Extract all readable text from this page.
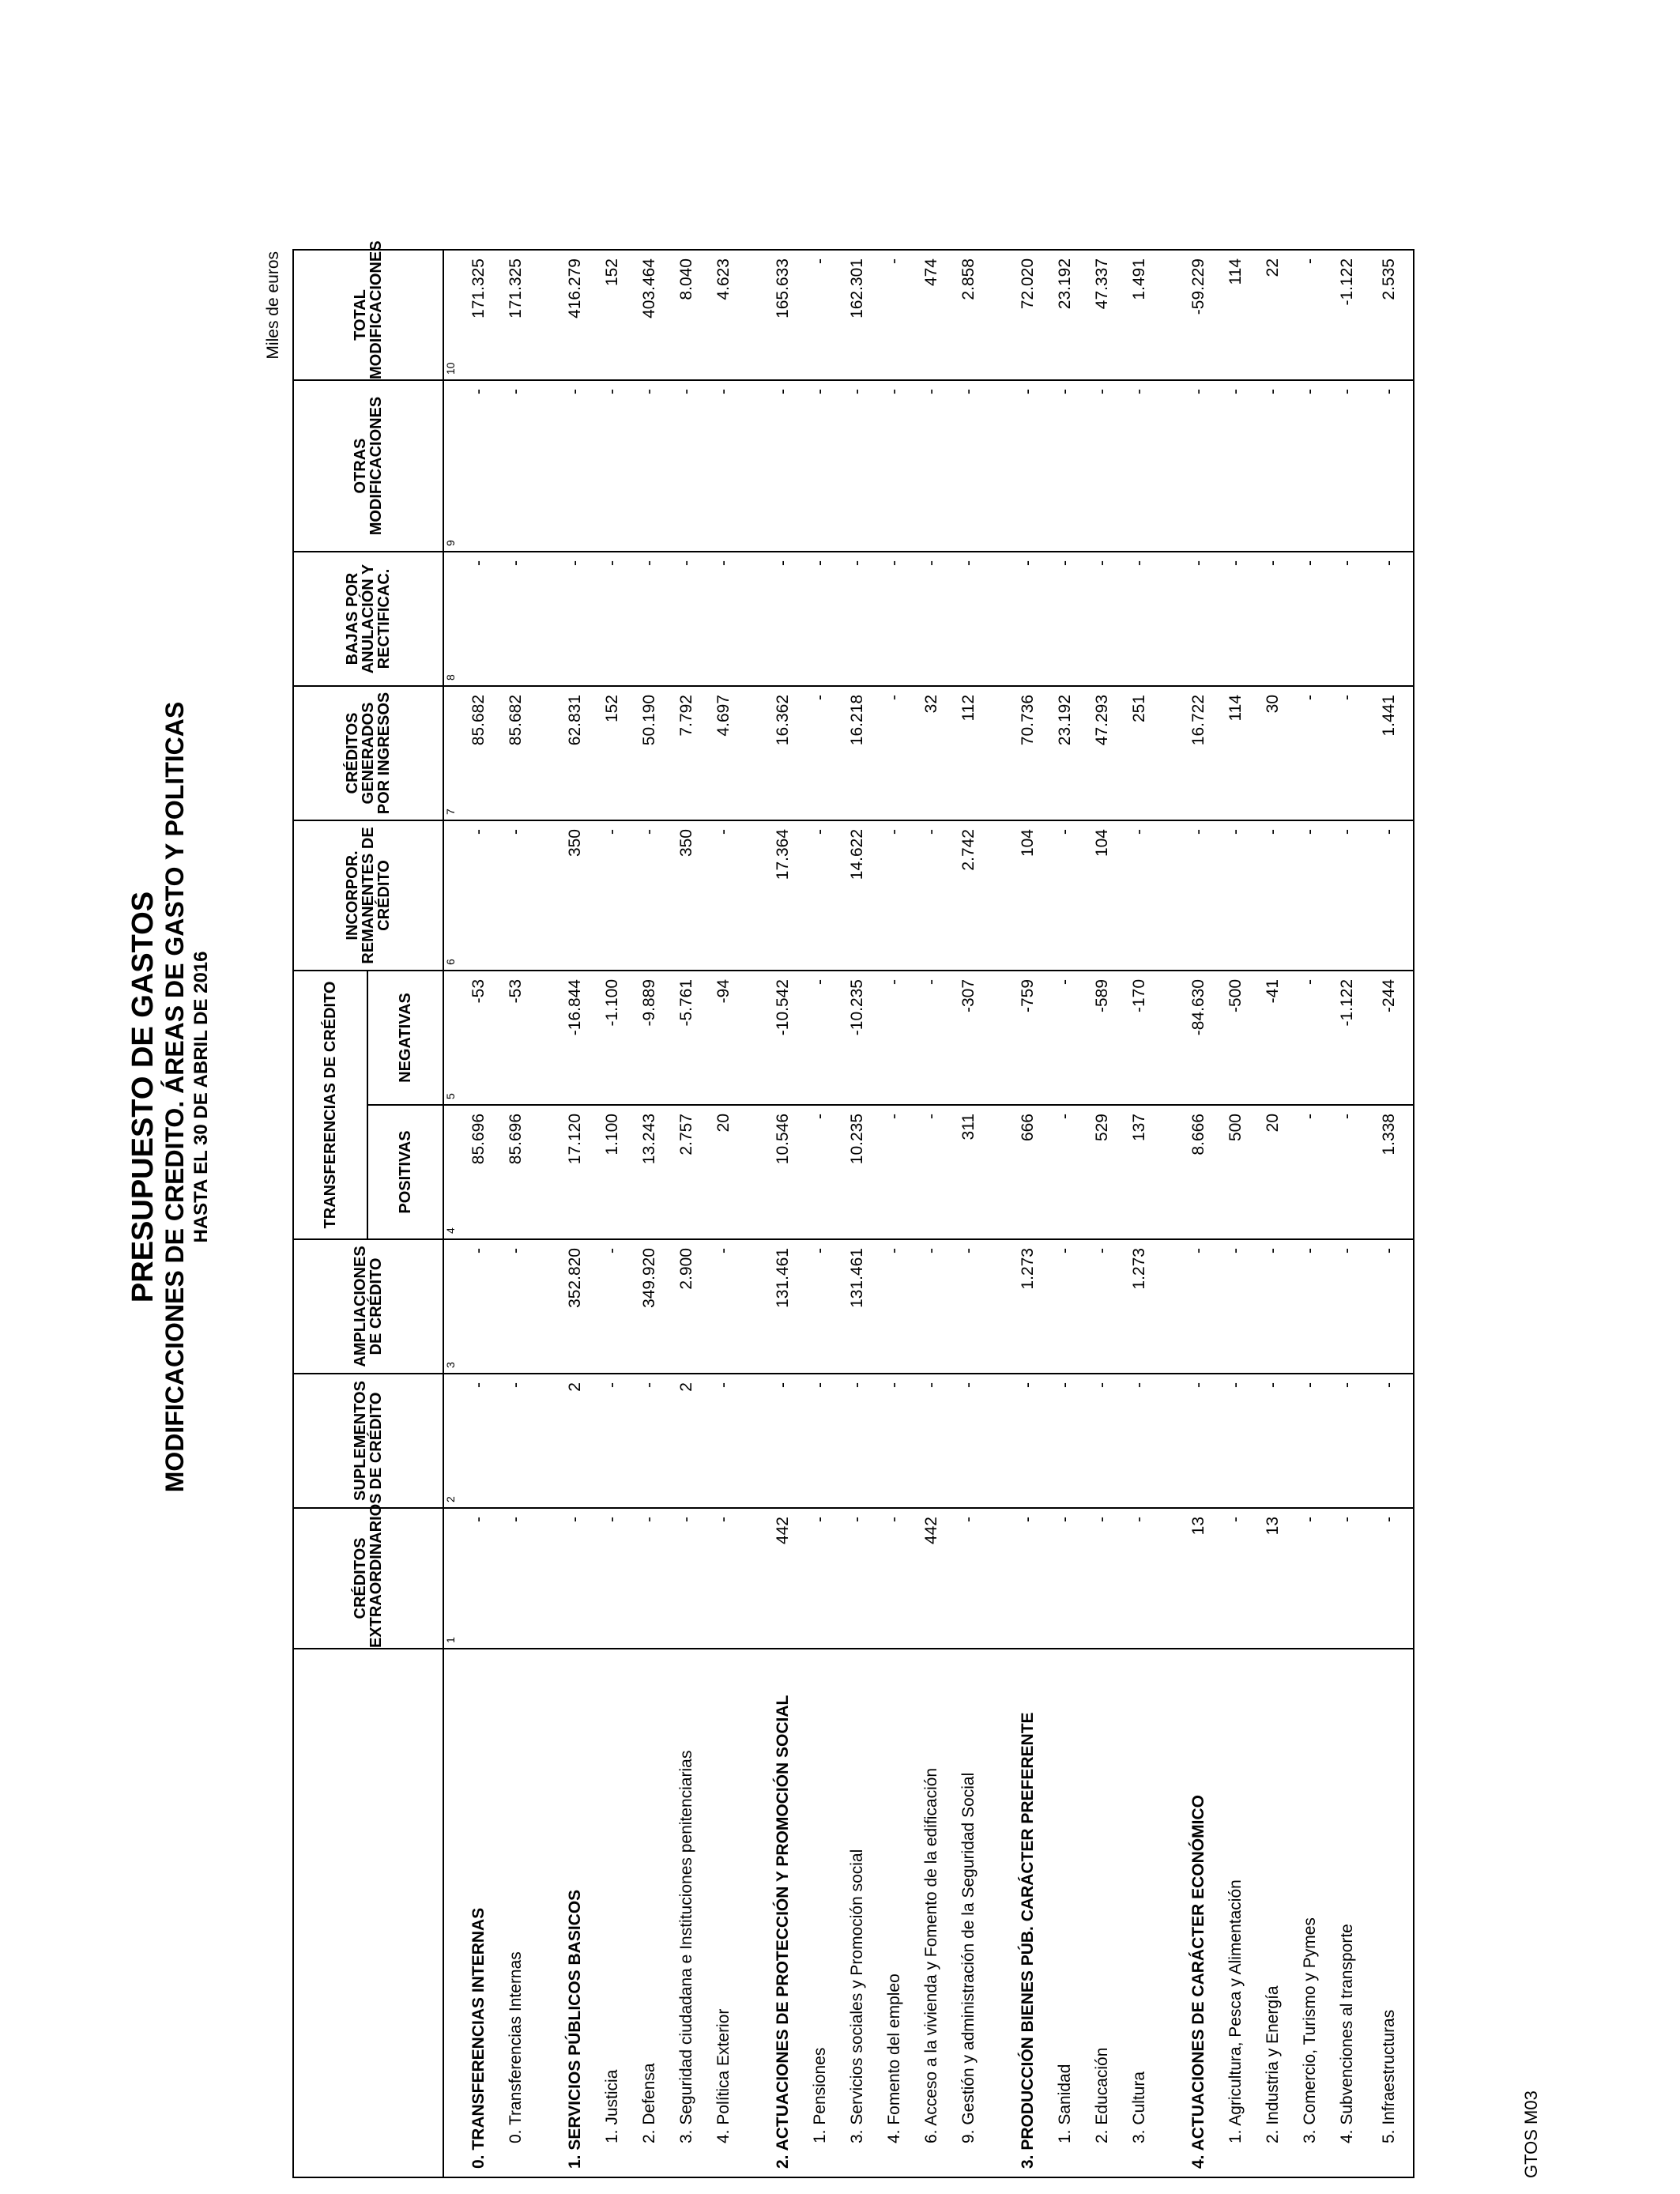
PRESUPUESTO DE GASTOS MODIFICACIONES DE CREDITO. ÁREAS DE GASTO Y POLITICAS HASTA EL 30 DE ABRIL DE 2016
Miles de euros
	CRÉDITOS EXTRAORDINARIOS	SUPLEMENTOS DE CRÉDITO	AMPLIACIONES DE CRÉDITO	TRANSFERENCIAS DE CRÉDITO		INCORPOR. REMANENTES DE CRÉDITO	CRÉDITOS GENERADOS POR INGRESOS	BAJAS POR ANULACIÓN Y RECTIFICAC.	OTRAS MODIFICACIONES	TOTAL MODIFICACIONES
				POSITIVAS	NEGATIVAS					
	1	2	3	4	5	6	7	8	9	10
0. TRANSFERENCIAS INTERNAS	-	-	-	85.696	-53	-	85.682	-	-	171.325
0. Transferencias Internas	-	-	-	85.696	-53	-	85.682	-	-	171.325

1. SERVICIOS PÚBLICOS BASICOS	-	2	352.820	17.120	-16.844	350	62.831	-	-	416.279
1. Justicia	-	-	-	1.100	-1.100	-	152	-	-	152
2. Defensa	-	-	349.920	13.243	-9.889	-	50.190	-	-	403.464
3. Seguridad ciudadana e Instituciones penitenciarias	-	2	2.900	2.757	-5.761	350	7.792	-	-	8.040
4. Política Exterior	-	-	-	20	-94	-	4.697	-	-	4.623

2. ACTUACIONES DE PROTECCIÓN Y PROMOCIÓN SOCIAL	442	-	131.461	10.546	-10.542	17.364	16.362	-	-	165.633
1. Pensiones	-	-	-	-	-	-	-	-	-	-
3. Servicios sociales y Promoción social	-	-	131.461	10.235	-10.235	14.622	16.218	-	-	162.301
4. Fomento del empleo	-	-	-	-	-	-	-	-	-	-
6. Acceso a la vivienda y Fomento de la edificación	442	-	-	-	-	-	32	-	-	474
9. Gestión y administración de la Seguridad Social	-	-	-	311	-307	2.742	112	-	-	2.858

3. PRODUCCIÓN BIENES PÚB. CARÁCTER PREFERENTE	-	-	1.273	666	-759	104	70.736	-	-	72.020
1. Sanidad	-	-	-	-	-	-	23.192	-	-	23.192
2. Educación	-	-	-	529	-589	104	47.293	-	-	47.337
3. Cultura	-	-	1.273	137	-170	-	251	-	-	1.491

4. ACTUACIONES DE CARÁCTER ECONÓMICO	13	-	-	8.666	-84.630	-	16.722	-	-	-59.229
1. Agricultura, Pesca y Alimentación	-	-	-	500	-500	-	114	-	-	114
2. Industria y Energía	13	-	-	20	-41	-	30	-	-	22
3. Comercio, Turismo y Pymes	-	-	-	-	-	-	-	-	-	-
4. Subvenciones al transporte	-	-	-	-	-1.122	-	-	-	-	-1.122
5. Infraestructuras	-	-	-	1.338	-244	-	1.441	-	-	2.535
GTOS M03
